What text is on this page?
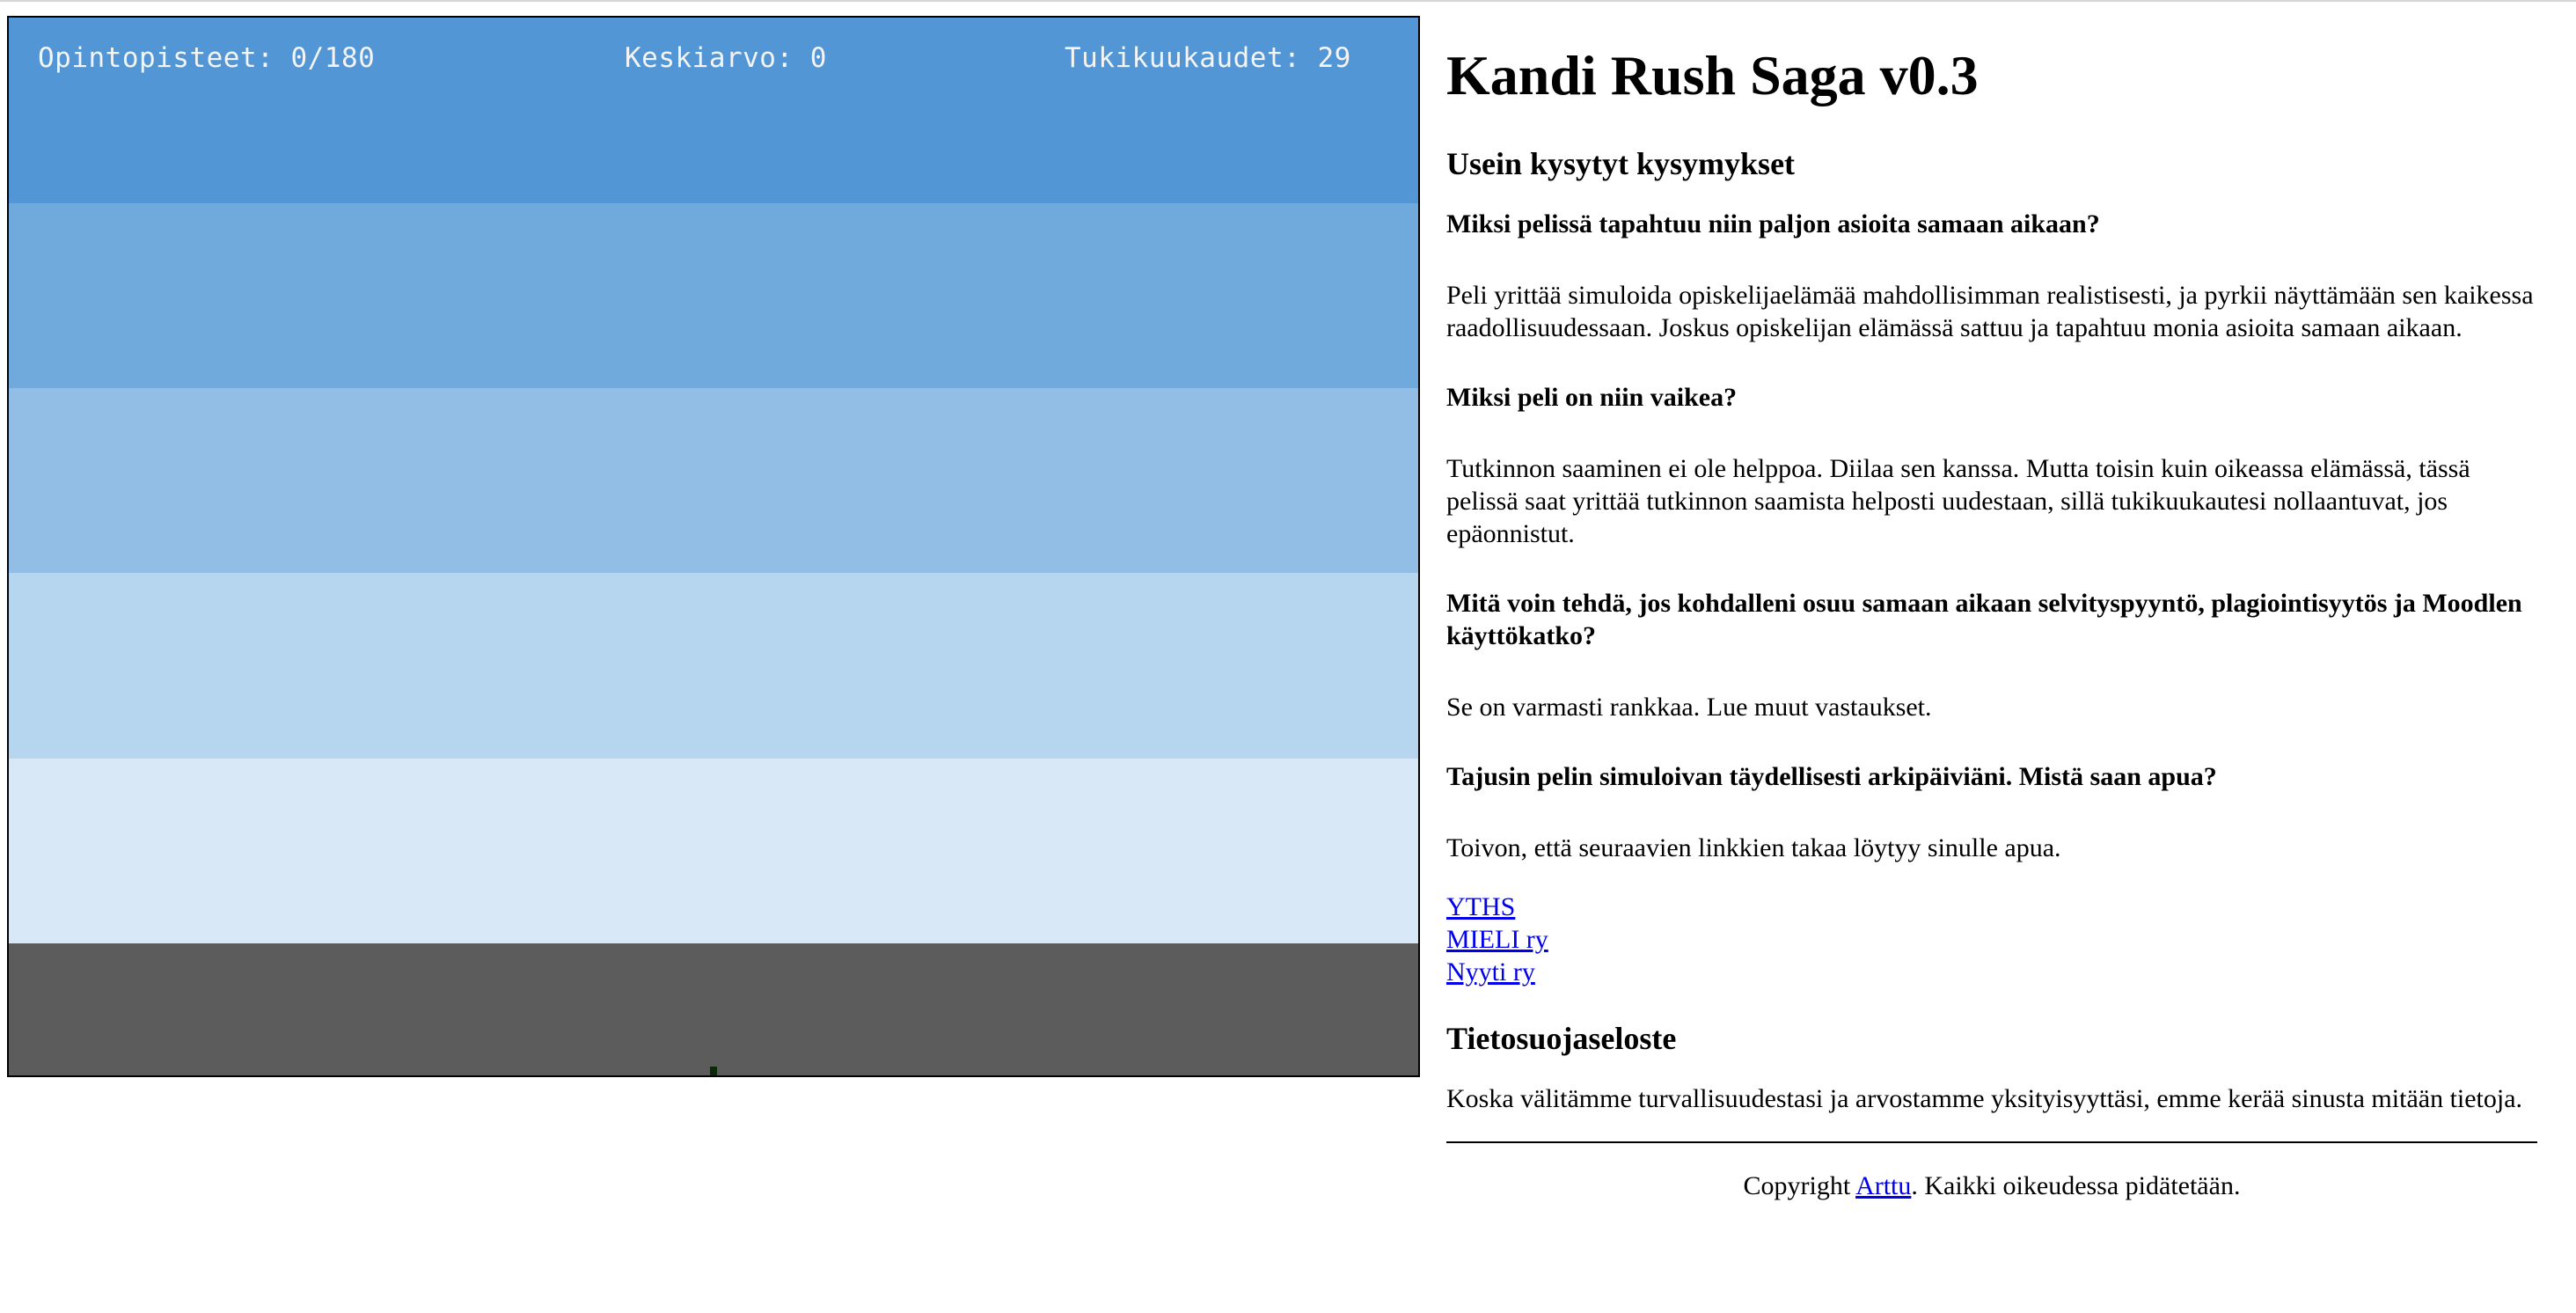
Opintopisteet: 0/180	Keskiarvo: 0	Tukikuukaudet: 29 Kandi Rush Saga v0.3
Usein kysytyt kysymykset
Miksi pelissä tapahtuu niin paljon asioita samaan aikaan?

Peli yrittää simuloida opiskelijaelämää mahdollisimman realistisesti, ja pyrkii näyttämään sen kaikessa raadollisuudessaan. Joskus opiskelijan elämässä sattuu ja tapahtuu monia asioita samaan aikaan.

Miksi peli on niin vaikea?

Tutkinnon saaminen ei ole helppoa. Diilaa sen kanssa. Mutta toisin kuin oikeassa elämässä, tässä pelissä saat yrittää tutkinnon saamista helposti uudestaan, sillä tukikuukautesi nollaantuvat, jos epäonnistut.

Mitä voin tehdä, jos kohdalleni osuu samaan aikaan selvityspyyntö, plagiointisyytös ja Moodlen käyttökatko?

Se on varmasti rankkaa. Lue muut vastaukset.

Tajusin pelin simuloivan täydellisesti arkipäiviäni. Mistä saan apua?

Toivon, että seuraavien linkkien takaa löytyy sinulle apua.

YTHS
MIELI ry
Nyyti ry
Tietosuojaseloste

Koska välitämme turvallisuudestasi ja arvostamme yksityisyyttäsi, emme kerää sinusta mitään tietoja.

Copyright Arttu. Kaikki oikeudessa pidätetään.
